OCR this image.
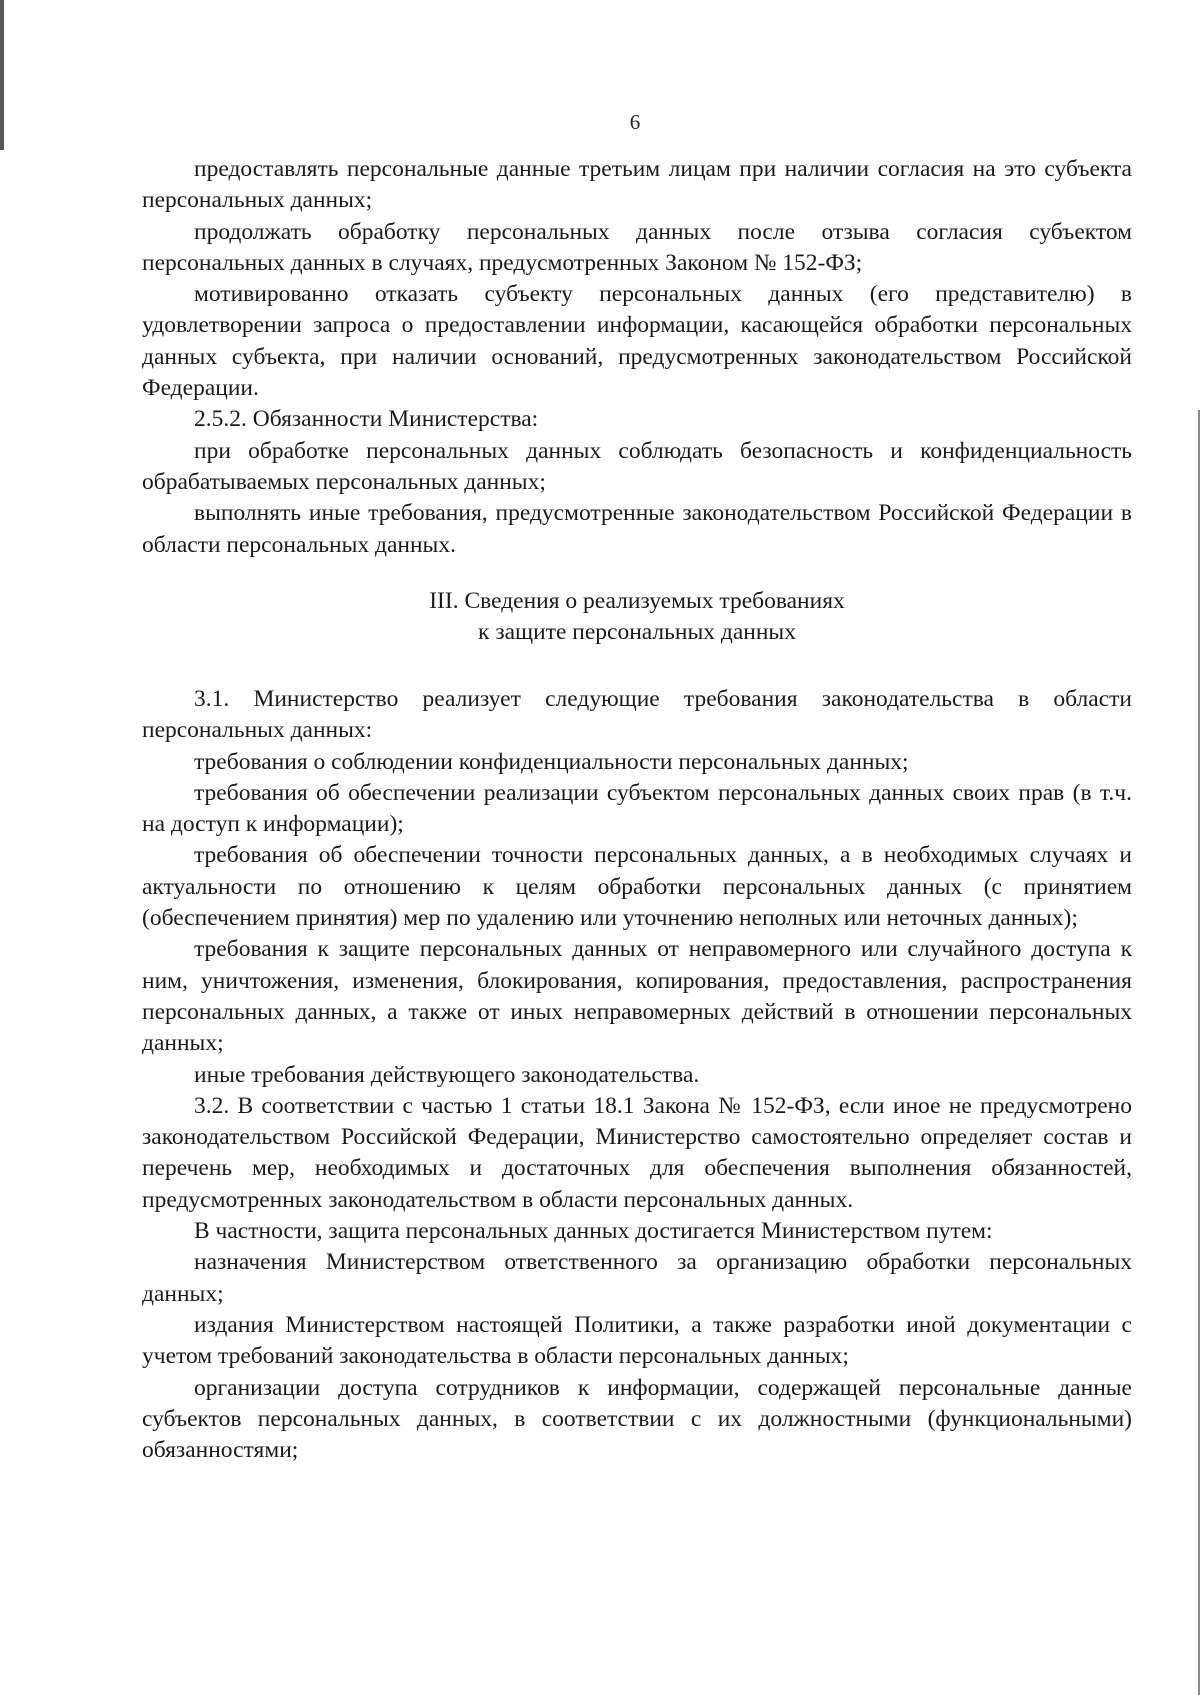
6

предоставлять персональные данные третьим лицам при наличии согласия на это субъекта персональных данных;

продолжать обработку персональных данных после отзыва согласия субъектом персональных данных в случаях, предусмотренных Законом № 152-ФЗ;

мотивированно отказать субъекту персональных данных (его представителю) в удовлетворении запроса о предоставлении информации, касающейся обработки персональных данных субъекта, при наличии оснований, предусмотренных законодательством Российской Федерации.

2.5.2. Обязанности Министерства:

при обработке персональных данных соблюдать безопасность и конфиденциальность обрабатываемых персональных данных;

выполнять иные требования, предусмотренные законодательством Российской Федерации в области персональных данных.

III. Сведения о реализуемых требованиях
к защите персональных данных

3.1. Министерство реализует следующие требования законодательства в области персональных данных:

требования о соблюдении конфиденциальности персональных данных;

требования об обеспечении реализации субъектом персональных данных своих прав (в т.ч. на доступ к информации);

требования об обеспечении точности персональных данных, а в необходимых случаях и актуальности по отношению к целям обработки персональных данных (с принятием (обеспечением принятия) мер по удалению или уточнению неполных или неточных данных);

требования к защите персональных данных от неправомерного или случайного доступа к ним, уничтожения, изменения, блокирования, копирования, предоставления, распространения персональных данных, а также от иных неправомерных действий в отношении персональных данных;

иные требования действующего законодательства.

3.2. В соответствии с частью 1 статьи 18.1 Закона № 152-ФЗ, если иное не предусмотрено законодательством Российской Федерации, Министерство самостоятельно определяет состав и перечень мер, необходимых и достаточных для обеспечения выполнения обязанностей, предусмотренных законодательством в области персональных данных.

В частности, защита персональных данных достигается Министерством путем:

назначения Министерством ответственного за организацию обработки персональных данных;

издания Министерством настоящей Политики, а также разработки иной документации с учетом требований законодательства в области персональных данных;

организации доступа сотрудников к информации, содержащей персональные данные субъектов персональных данных, в соответствии с их должностными (функциональными) обязанностями;
